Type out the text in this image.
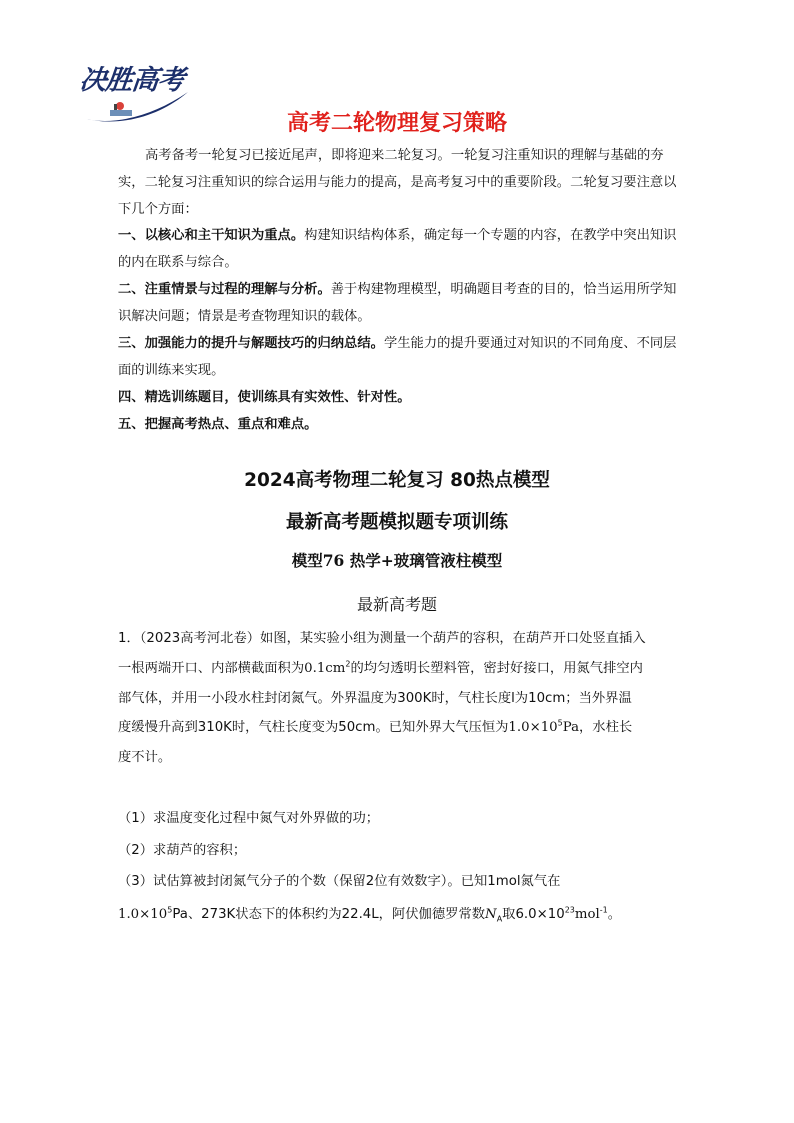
决胜高考
高考二轮物理复习策略
高考备考一轮复习已接近尾声，即将迎来二轮复习。一轮复习注重知识的理解与基础的夯实，二轮复习注重知识的综合运用与能力的提高，是高考复习中的重要阶段。二轮复习要注意以下几个方面：
一、以核心和主干知识为重点。构建知识结构体系，确定每一个专题的内容，在教学中突出知识的内在联系与综合。
二、注重情景与过程的理解与分析。善于构建物理模型，明确题目考查的目的，恰当运用所学知识解决问题；情景是考查物理知识的载体。
三、加强能力的提升与解题技巧的归纳总结。学生能力的提升要通过对知识的不同角度、不同层面的训练来实现。
四、精选训练题目，使训练具有实效性、针对性。
五、把握高考热点、重点和难点。
2024高考物理二轮复习 80热点模型
最新高考题模拟题专项训练
模型76 热学+玻璃管液柱模型
最新高考题
1．（2023高考河北卷）如图，某实验小组为测量一个葫芦的容积，在葫芦开口处竖直插入
一根两端开口、内部横截面积为$0.1cm^2$的均匀透明长塑料管，密封好接口，用氮气排空内
部气体，并用一小段水柱封闭氮气。外界温度为300K时，气柱长度l为10cm；当外界温
度缓慢升高到310K时，气柱长度变为50cm。已知外界大气压恒为$1.0\times 10^5Pa$，水柱长
度不计。
（1）求温度变化过程中氮气对外界做的功；
（2）求葫芦的容积；
（3）试估算被封闭氮气分子的个数（保留2位有效数字）。已知1mol氮气在
$1.0\times 10^5Pa$、273K状态下的体积约为22.4L，阿伏伽德罗常数$N_A$取$6.0\times 10^{23}mol^{-1}$。
